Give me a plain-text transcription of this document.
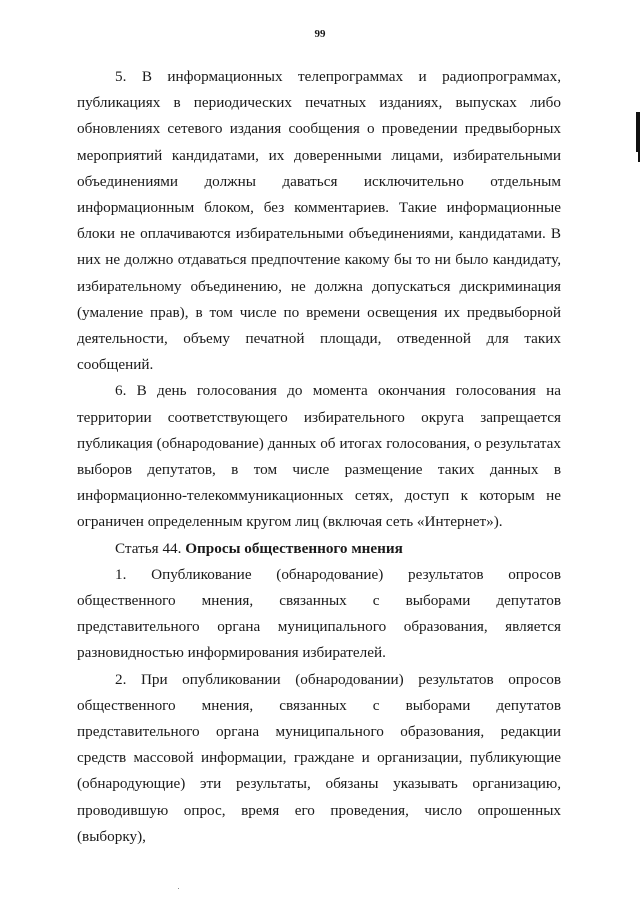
99

5. В информационных телепрограммах и радиопрограммах, публикациях в периодических печатных изданиях, выпусках либо обновлениях сетевого издания сообщения о проведении предвыборных мероприятий кандидатами, их доверенными лицами, избирательными объединениями должны даваться исключительно отдельным информационным блоком, без комментариев. Такие информационные блоки не оплачиваются избирательными объединениями, кандидатами. В них не должно отдаваться предпочтение какому бы то ни было кандидату, избирательному объединению, не должна допускаться дискриминация (умаление прав), в том числе по времени освещения их предвыборной деятельности, объему печатной площади, отведенной для таких сообщений.

6. В день голосования до момента окончания голосования на территории соответствующего избирательного округа запрещается публикация (обнародование) данных об итогах голосования, о результатах выборов депутатов, в том числе размещение таких данных в информационно-телекоммуникационных сетях, доступ к которым не ограничен определенным кругом лиц (включая сеть «Интернет»).

Статья 44. Опросы общественного мнения

1. Опубликование (обнародование) результатов опросов общественного мнения, связанных с выборами депутатов представительного органа муниципального образования, является разновидностью информирования избирателей.

2. При опубликовании (обнародовании) результатов опросов общественного мнения, связанных с выборами депутатов представительного органа муниципального образования, редакции средств массовой информации, граждане и организации, публикующие (обнародующие) эти результаты, обязаны указывать организацию, проводившую опрос, время его проведения, число опрошенных (выборку),
